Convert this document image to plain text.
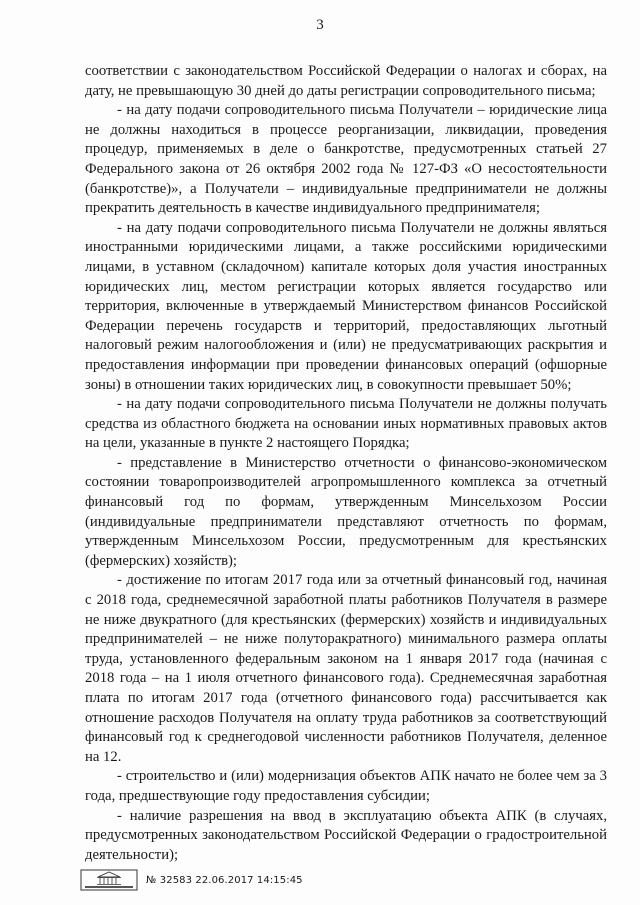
3

соответствии с законодательством Российской Федерации о налогах и сборах, на дату, не превышающую 30 дней до даты регистрации сопроводительного письма;

- на дату подачи сопроводительного письма Получатели – юридические лица не должны находиться в процессе реорганизации, ликвидации, проведения процедур, применяемых в деле о банкротстве, предусмотренных статьей 27 Федерального закона от 26 октября 2002 года № 127-ФЗ «О несостоятельности (банкротстве)», а Получатели – индивидуальные предприниматели не должны прекратить деятельность в качестве индивидуального предпринимателя;

- на дату подачи сопроводительного письма Получатели не должны являться иностранными юридическими лицами, а также российскими юридическими лицами, в уставном (складочном) капитале которых доля участия иностранных юридических лиц, местом регистрации которых является государство или территория, включенные в утверждаемый Министерством финансов Российской Федерации перечень государств и территорий, предоставляющих льготный налоговый режим налогообложения и (или) не предусматривающих раскрытия и предоставления информации при проведении финансовых операций (офшорные зоны) в отношении таких юридических лиц, в совокупности превышает 50%;

- на дату подачи сопроводительного письма Получатели не должны получать средства из областного бюджета на основании иных нормативных правовых актов на цели, указанные в пункте 2 настоящего Порядка;

- представление в Министерство отчетности о финансово-экономическом состоянии товаропроизводителей агропромышленного комплекса за отчетный финансовый год по формам, утвержденным Минсельхозом России (индивидуальные предприниматели представляют отчетность по формам, утвержденным Минсельхозом России, предусмотренным для крестьянских (фермерских) хозяйств);

- достижение по итогам 2017 года или за отчетный финансовый год, начиная с 2018 года, среднемесячной заработной платы работников Получателя в размере не ниже двукратного (для крестьянских (фермерских) хозяйств и индивидуальных предпринимателей – не ниже полуторакратного) минимального размера оплаты труда, установленного федеральным законом на 1 января 2017 года (начиная с 2018 года – на 1 июля отчетного финансового года). Среднемесячная заработная плата по итогам 2017 года (отчетного финансового года) рассчитывается как отношение расходов Получателя на оплату труда работников за соответствующий финансовый год к среднегодовой численности работников Получателя, деленное на 12.

- строительство и (или) модернизация объектов АПК начато не более чем за 3 года, предшествующие году предоставления субсидии;

- наличие разрешения на ввод в эксплуатацию объекта АПК (в случаях, предусмотренных законодательством Российской Федерации о градостроительной деятельности);

№ 32583 22.06.2017 14:15:45
